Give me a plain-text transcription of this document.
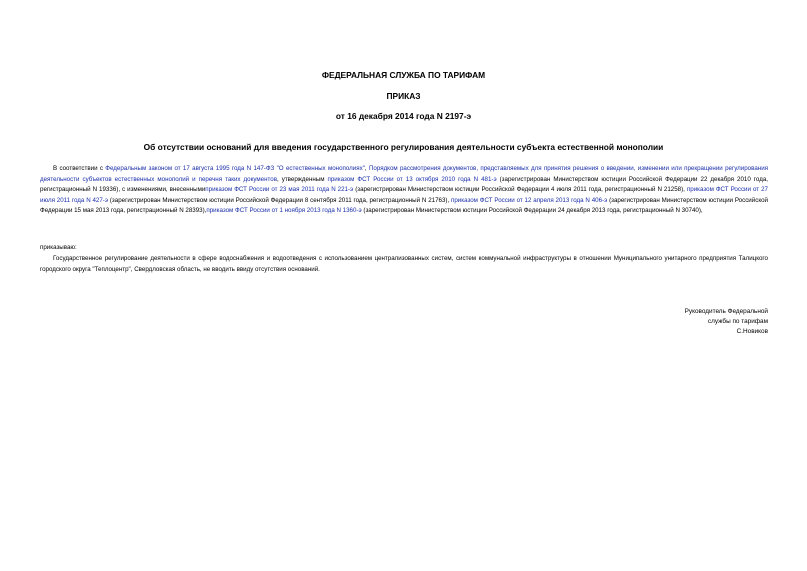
ФЕДЕРАЛЬНАЯ СЛУЖБА ПО ТАРИФАМ
ПРИКАЗ
от 16 декабря 2014 года N 2197-э
Об отсутствии оснований для введения государственного регулирования деятельности субъекта естественной монополии
В соответствии с Федеральным законом от 17 августа 1995 года N 147-ФЗ "О естественных монополиях", Порядком рассмотрения документов, представляемых для принятия решения о введении, изменении или прекращении регулирования деятельности субъектов естественных монополий и перечня таких документов, утвержденным приказом ФСТ России от 13 октября 2010 года N 481-э (зарегистрирован Министерством юстиции Российской Федерации 22 декабря 2010 года, регистрационный N 19336), с изменениями, внесеннымиприказом ФСТ России от 23 мая 2011 года N 221-э (зарегистрирован Министерством юстиции Российской Федерации 4 июля 2011 года, регистрационный N 21258), приказом ФСТ России от 27 июля 2011 года N 427-э (зарегистрирован Министерством юстиции Российской Федерации 8 сентября 2011 года, регистрационный N 21763), приказом ФСТ России от 12 апреля 2013 года N 406-э (зарегистрирован Министерством юстиции Российской Федерации 15 мая 2013 года, регистрационный N 28393),приказом ФСТ России от 1 ноября 2013 года N 1360-э (зарегистрирован Министерством юстиции Российской Федерации 24 декабря 2013 года, регистрационный N 30740),
приказываю:
Государственное регулирование деятельности в сфере водоснабжения и водоотведения с использованием централизованных систем, систем коммунальной инфраструктуры в отношении Муниципального унитарного предприятия Талицкого городского округа "Теплоцентр", Свердловская область, не вводить ввиду отсутствия оснований.
Руководитель Федеральной
службы по тарифам
С.Новиков
